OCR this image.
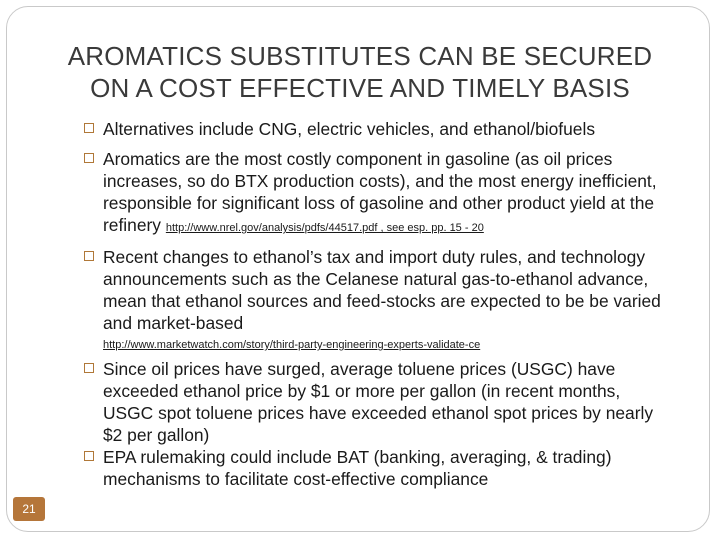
AROMATICS SUBSTITUTES CAN BE SECURED
ON A COST EFFECTIVE AND TIMELY BASIS
Alternatives include CNG, electric vehicles, and ethanol/biofuels
Aromatics are the most costly component in gasoline (as oil prices increases, so do BTX production costs), and the most energy inefficient, responsible for significant loss of gasoline and other product yield at the refinery http://www.nrel.gov/analysis/pdfs/44517.pdf , see esp. pp. 15 - 20
Recent changes to ethanol’s tax and import duty rules, and technology announcements such as the Celanese natural gas-to-ethanol advance, mean that ethanol sources and feed-stocks are expected to be be varied and market-based
http://www.marketwatch.com/story/third-party-engineering-experts-validate-ce
Since oil prices have surged, average toluene prices (USGC) have exceeded ethanol price by $1 or more per gallon (in recent months, USGC spot toluene prices have exceeded ethanol spot prices by nearly $2 per gallon)
EPA rulemaking could include BAT (banking, averaging, & trading) mechanisms to facilitate cost-effective compliance
21
